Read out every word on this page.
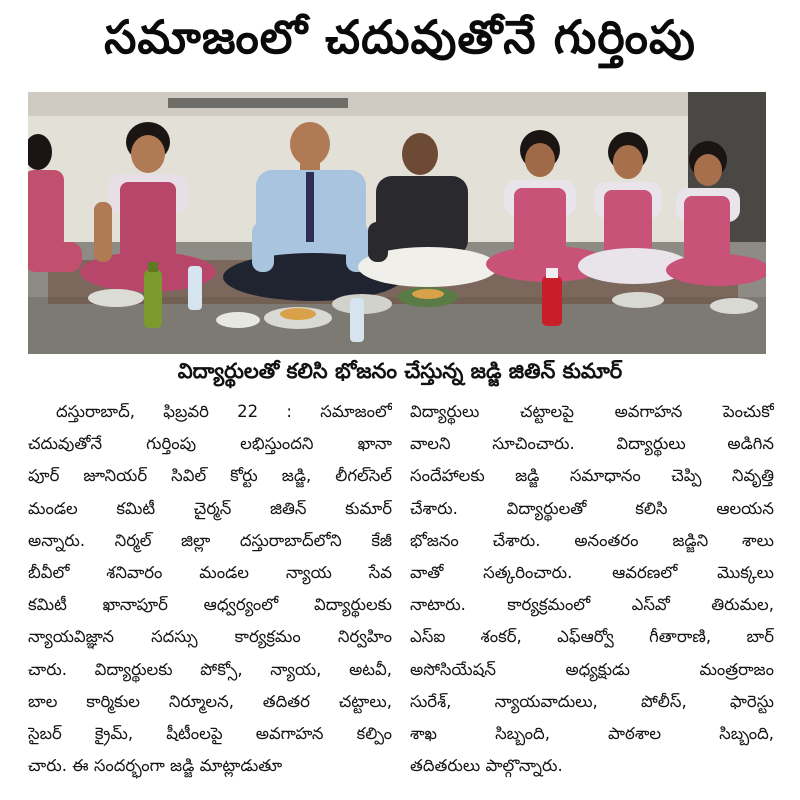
సమాజంలో చదువుతోనే గుర్తింపు
విద్యార్థులతో కలిసి భోజనం చేస్తున్న జడ్జి జితిన్ కుమార్
దస్తురాబాద్, ఫిబ్రవరి 22 : సమాజంలో
చదువుతోనే గుర్తింపు లభిస్తుందని ఖానా
పూర్ జూనియర్ సివిల్ కోర్టు జడ్జి, లీగల్‌సెల్
మండల కమిటీ చైర్మన్ జితిన్ కుమార్
అన్నారు. నిర్మల్ జిల్లా దస్తురాబాద్‌లోని కేజీ
బీవీలో శనివారం మండల న్యాయ సేవ
కమిటీ ఖానాపూర్ ఆధ్వర్యంలో విద్యార్థులకు
న్యాయవిజ్ఞాన సదస్సు కార్యక్రమం నిర్వహిం
చారు. విద్యార్థులకు పోక్సో, న్యాయ, అటవీ,
బాల కార్మికుల నిర్మూలన, తదితర చట్టాలు,
సైబర్ క్రైమ్, షీటీంలపై అవగాహన కల్పిం
చారు. ఈ సందర్భంగా జడ్జి మాట్లాడుతూ
విద్యార్థులు చట్టాలపై అవగాహన పెంచుకో
వాలని సూచించారు. విద్యార్థులు అడిగిన
సందేహాలకు జడ్జి సమాధానం చెప్పి నివృత్తి
చేశారు. విద్యార్థులతో కలిసి ఆలయన
భోజనం చేశారు. అనంతరం జడ్జిని శాలు
వాతో సత్కరించారు. ఆవరణలో మొక్కలు
నాటారు. కార్యక్రమంలో ఎస్‌వో తిరుమల,
ఎస్ఐ శంకర్, ఎఫ్ఆర్వో గీతారాణి, బార్
అసోసియేషన్ అధ్యక్షుడు మంత్రరాజం
సురేశ్, న్యాయవాదులు, పోలీస్, ఫారెస్టు
శాఖ సిబ్బంది, పాఠశాల సిబ్బంది,
తదితరులు పాల్గొన్నారు.
